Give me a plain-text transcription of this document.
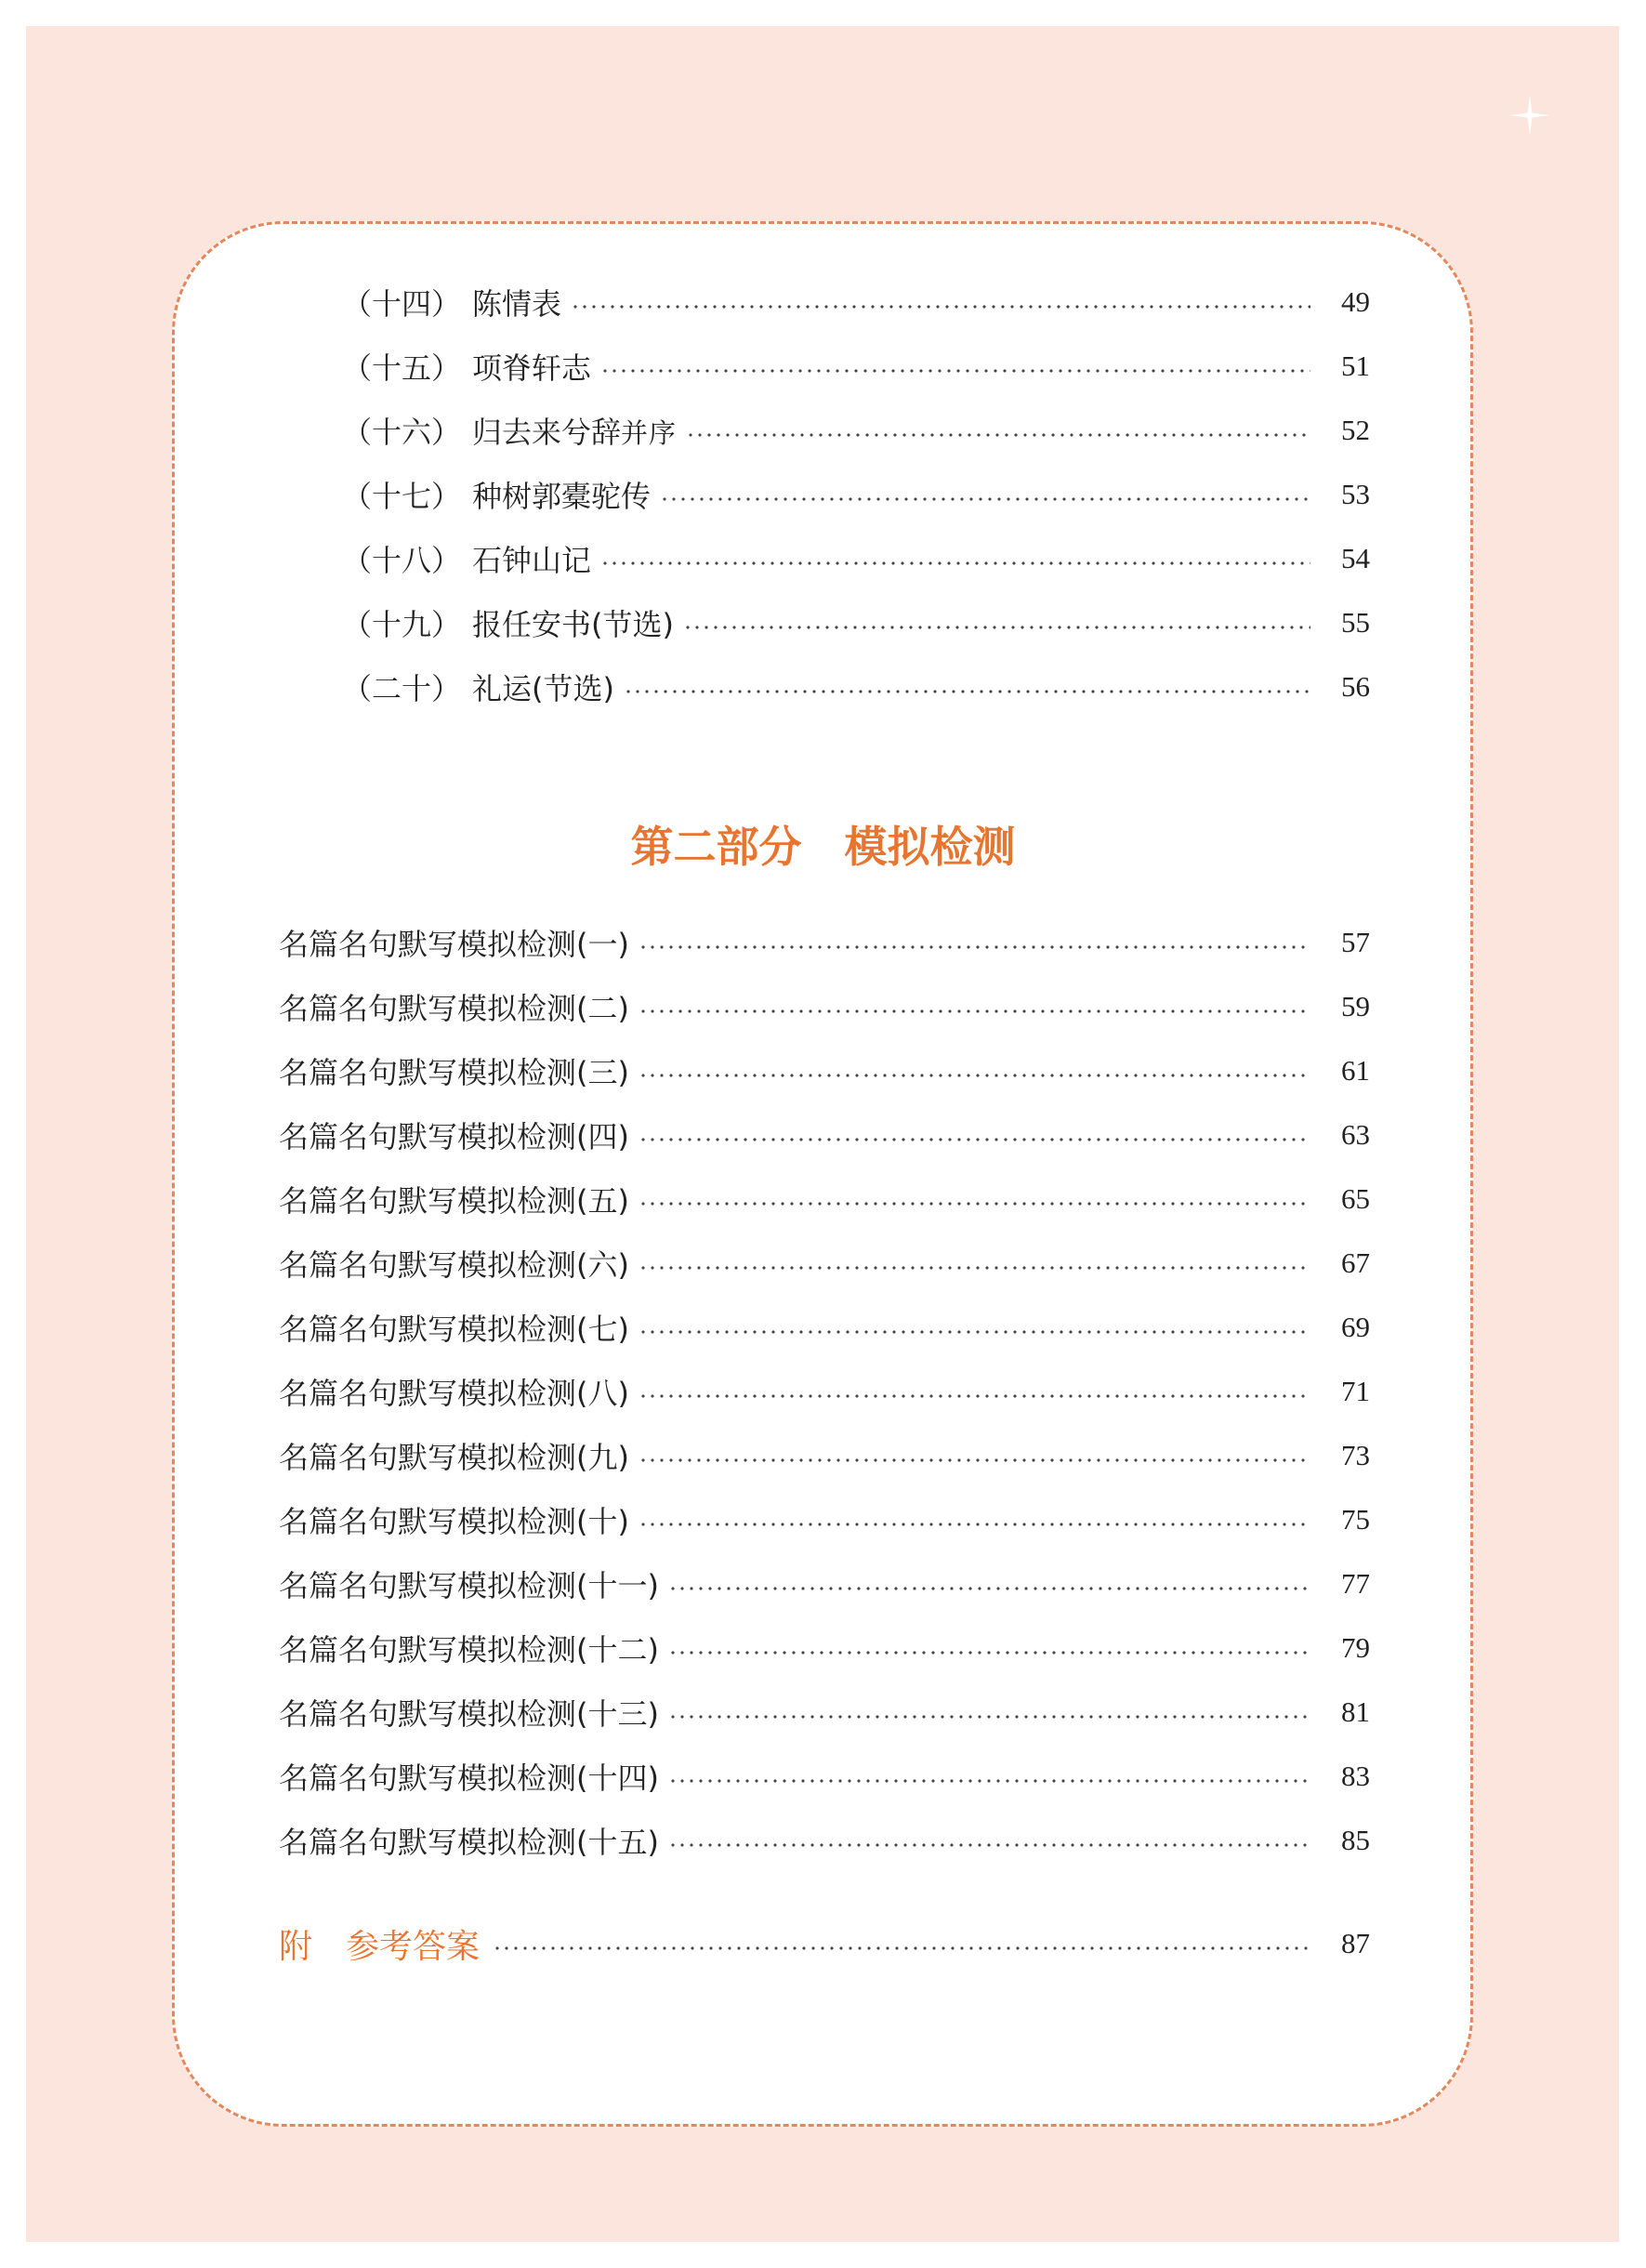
（十四） 陈情表	49
（十五） 项脊轩志	51
（十六） 归去来兮辞并序	52
（十七） 种树郭橐驼传	53
（十八） 石钟山记	54
（十九） 报任安书(节选)	55
（二十） 礼运(节选)	56
第二部分　模拟检测
名篇名句默写模拟检测(一)	57
名篇名句默写模拟检测(二)	59
名篇名句默写模拟检测(三)	61
名篇名句默写模拟检测(四)	63
名篇名句默写模拟检测(五)	65
名篇名句默写模拟检测(六)	67
名篇名句默写模拟检测(七)	69
名篇名句默写模拟检测(八)	71
名篇名句默写模拟检测(九)	73
名篇名句默写模拟检测(十)	75
名篇名句默写模拟检测(十一)	77
名篇名句默写模拟检测(十二)	79
名篇名句默写模拟检测(十三)	81
名篇名句默写模拟检测(十四)	83
名篇名句默写模拟检测(十五)	85
附　参考答案	87
